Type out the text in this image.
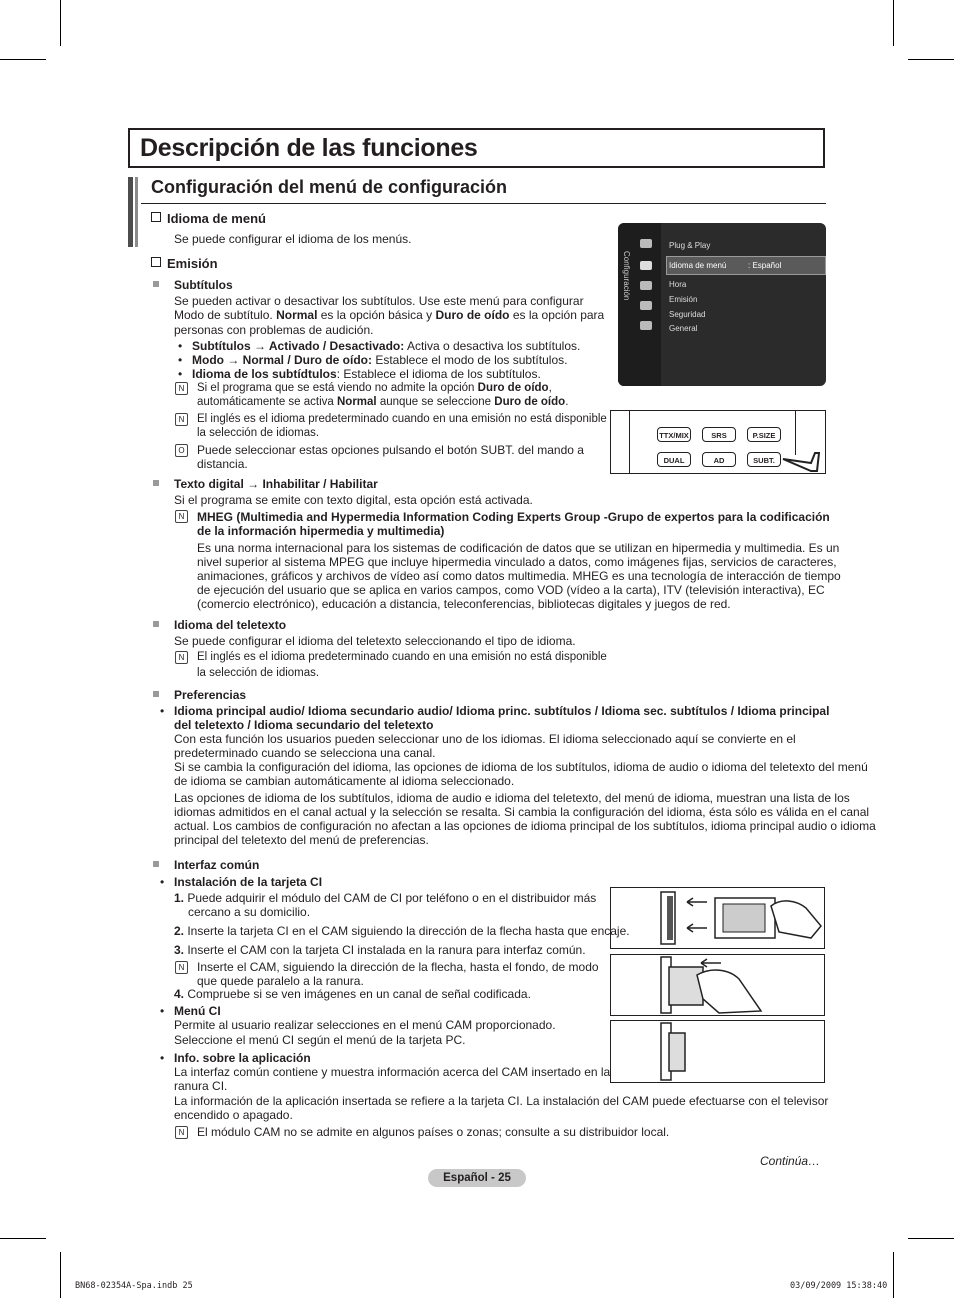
Descripción de las funciones
Configuración del menú de configuración
Idioma de menú
Se puede configurar el idioma de los menús.
Emisión
Subtítulos
Se pueden activar o desactivar los subtítulos. Use este menú para configurar
Modo de subtítulo. Normal es la opción básica y Duro de oído es la opción para
personas con problemas de audición.
• Subtítulos → Activado / Desactivado: Activa o desactiva los subtítulos.
• Modo → Normal / Duro de oído: Establece el modo de los subtítulos.
• Idioma de los subtídtulos: Establece el idioma de los subtítulos.
N	Si el programa que se está viendo no admite la opción Duro de oído,
automáticamente se activa Normal aunque se seleccione Duro de oído.
N	El inglés es el idioma predeterminado cuando en una emisión no está disponible
la selección de idiomas.
O Puede seleccionar estas opciones pulsando el botón SUBT. del mando a
distancia.
Configuración
Plug & Play
Idioma de menú	: Español
Hora
Emisión
Seguridad
General
TTX/MIX	SRS	P.SIZE
DUAL	AD	SUBT.
Texto digital → Inhabilitar / Habilitar
Si el programa se emite con texto digital, esta opción está activada.
N	MHEG (Multimedia and Hypermedia Information Coding Experts Group -Grupo de expertos para la codificación
de la información hipermedia y multimedia)
Es una norma internacional para los sistemas de codificación de datos que se utilizan en hipermedia y multimedia. Es un
nivel superior al sistema MPEG que incluye hipermedia vinculado a datos, como imágenes fijas, servicios de caracteres,
animaciones, gráficos y archivos de vídeo así como datos multimedia. MHEG es una tecnología de interacción de tiempo
de ejecución del usuario que se aplica en varios campos, como VOD (vídeo a la carta), ITV (televisión interactiva), EC
(comercio electrónico), educación a distancia, teleconferencias, bibliotecas digitales y juegos de red.
Idioma del teletexto
Se puede configurar el idioma del teletexto seleccionando el tipo de idioma.
N	El inglés es el idioma predeterminado cuando en una emisión no está disponible
la selección de idiomas.
Preferencias
• Idioma principal audio/ Idioma secundario audio/ Idioma princ. subtítulos / Idioma sec. subtítulos / Idioma principal
del teletexto / Idioma secundario del teletexto
Con esta función los usuarios pueden seleccionar uno de los idiomas. El idioma seleccionado aquí se convierte en el
predeterminado cuando se selecciona una canal.
Si se cambia la configuración del idioma, las opciones de idioma de los subtítulos, idioma de audio o idioma del teletexto del menú
de idioma se cambian automáticamente al idioma seleccionado.
Las opciones de idioma de los subtítulos, idioma de audio e idioma del teletexto, del menú de idioma, muestran una lista de los
idiomas admitidos en el canal actual y la selección se resalta. Si cambia la configuración del idioma, ésta sólo es válida en el canal
actual. Los cambios de configuración no afectan a las opciones de idioma principal de los subtítulos, idioma principal audio o idioma
principal del teletexto del menú de preferencias.
Interfaz común
• Instalación de la tarjeta CI
1. Puede adquirir el módulo del CAM de CI por teléfono o en el distribuidor más
cercano a su domicilio.
2. Inserte la tarjeta CI en el CAM siguiendo la dirección de la flecha hasta que encaje.
3. Inserte el CAM con la tarjeta CI instalada en la ranura para interfaz común.
N	Inserte el CAM, siguiendo la dirección de la flecha, hasta el fondo, de modo
que quede paralelo a la ranura.
4. Compruebe si se ven imágenes en un canal de señal codificada.
• Menú CI
Permite al usuario realizar selecciones en el menú CAM proporcionado.
Seleccione el menú CI según el menú de la tarjeta PC.
• Info. sobre la aplicación
La interfaz común contiene y muestra información acerca del CAM insertado en la
ranura CI.
La información de la aplicación insertada se refiere a la tarjeta CI. La instalación del CAM puede efectuarse con el televisor
encendido o apagado.
N	El módulo CAM no se admite en algunos países o zonas; consulte a su distribuidor local.
Continúa…
Español - 25
BN68-02354A-Spa.indb 25	03/09/2009 15:38:40
